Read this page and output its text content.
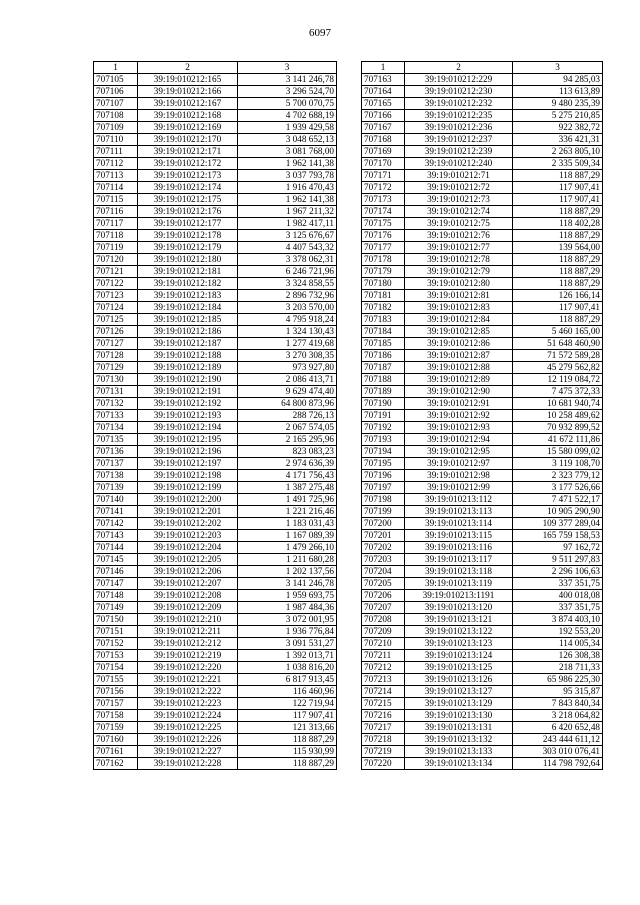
6097
1	2	3
707105	39:19:010212:165	3 141 246,78
707106	39:19:010212:166	3 296 524,70
707107	39:19:010212:167	5 700 070,75
707108	39:19:010212:168	4 702 688,19
707109	39:19:010212:169	1 939 429,58
707110	39:19:010212:170	3 048 652,13
707111	39:19:010212:171	3 081 768,00
707112	39:19:010212:172	1 962 141,38
707113	39:19:010212:173	3 037 793,78
707114	39:19:010212:174	1 916 470,43
707115	39:19:010212:175	1 962 141,38
707116	39:19:010212:176	1 967 211,32
707117	39:19:010212:177	1 982 417,11
707118	39:19:010212:178	3 125 676,67
707119	39:19:010212:179	4 407 543,32
707120	39:19:010212:180	3 378 062,31
707121	39:19:010212:181	6 246 721,96
707122	39:19:010212:182	3 324 858,55
707123	39:19:010212:183	2 896 732,96
707124	39:19:010212:184	3 203 570,00
707125	39:19:010212:185	4 795 918,24
707126	39:19:010212:186	1 324 130,43
707127	39:19:010212:187	1 277 419,68
707128	39:19:010212:188	3 270 308,35
707129	39:19:010212:189	973 927,80
707130	39:19:010212:190	2 086 413,71
707131	39:19:010212:191	9 629 474,40
707132	39:19:010212:192	64 800 873,96
707133	39:19:010212:193	288 726,13
707134	39:19:010212:194	2 067 574,05
707135	39:19:010212:195	2 165 295,96
707136	39:19:010212:196	823 083,23
707137	39:19:010212:197	2 974 636,39
707138	39:19:010212:198	4 171 756,43
707139	39:19:010212:199	1 387 275,48
707140	39:19:010212:200	1 491 725,96
707141	39:19:010212:201	1 221 216,46
707142	39:19:010212:202	1 183 031,43
707143	39:19:010212:203	1 167 089,39
707144	39:19:010212:204	1 479 266,10
707145	39:19:010212:205	1 211 680,28
707146	39:19:010212:206	1 202 137,56
707147	39:19:010212:207	3 141 246,78
707148	39:19:010212:208	1 959 693,75
707149	39:19:010212:209	1 987 484,36
707150	39:19:010212:210	3 072 001,95
707151	39:19:010212:211	1 936 776,84
707152	39:19:010212:212	3 091 531,27
707153	39:19:010212:219	1 392 013,71
707154	39:19:010212:220	1 038 816,20
707155	39:19:010212:221	6 817 913,45
707156	39:19:010212:222	116 460,96
707157	39:19:010212:223	122 719,94
707158	39:19:010212:224	117 907,41
707159	39:19:010212:225	121 313,66
707160	39:19:010212:226	118 887,29
707161	39:19:010212:227	115 930,99
707162	39:19:010212:228	118 887,29
1	2	3
707163	39:19:010212:229	94 285,03
707164	39:19:010212:230	113 613,89
707165	39:19:010212:232	9 480 235,39
707166	39:19:010212:235	5 275 210,85
707167	39:19:010212:236	922 382,72
707168	39:19:010212:237	336 421,31
707169	39:19:010212:239	2 263 805,10
707170	39:19:010212:240	2 335 509,34
707171	39:19:010212:71	118 887,29
707172	39:19:010212:72	117 907,41
707173	39:19:010212:73	117 907,41
707174	39:19:010212:74	118 887,29
707175	39:19:010212:75	118 402,28
707176	39:19:010212:76	118 887,29
707177	39:19:010212:77	139 564,00
707178	39:19:010212:78	118 887,29
707179	39:19:010212:79	118 887,29
707180	39:19:010212:80	118 887,29
707181	39:19:010212:81	126 166,14
707182	39:19:010212:83	117 907,41
707183	39:19:010212:84	118 887,29
707184	39:19:010212:85	5 460 165,00
707185	39:19:010212:86	51 648 460,90
707186	39:19:010212:87	71 572 589,28
707187	39:19:010212:88	45 279 562,82
707188	39:19:010212:89	12 119 084,72
707189	39:19:010212:90	7 475 372,33
707190	39:19:010212:91	10 681 940,74
707191	39:19:010212:92	10 258 489,62
707192	39:19:010212:93	70 932 899,52
707193	39:19:010212:94	41 672 111,86
707194	39:19:010212:95	15 580 099,02
707195	39:19:010212:97	3 119 108,70
707196	39:19:010212:98	2 323 779,12
707197	39:19:010212:99	3 177 526,66
707198	39:19:010213:112	7 471 522,17
707199	39:19:010213:113	10 905 290,90
707200	39:19:010213:114	109 377 289,04
707201	39:19:010213:115	165 759 158,53
707202	39:19:010213:116	97 162,72
707203	39:19:010213:117	9 511 297,83
707204	39:19:010213:118	2 296 106,63
707205	39:19:010213:119	337 351,75
707206	39:19:010213:1191	400 018,08
707207	39:19:010213:120	337 351,75
707208	39:19:010213:121	3 874 403,10
707209	39:19:010213:122	192 553,20
707210	39:19:010213:123	114 005,34
707211	39:19:010213:124	126 308,38
707212	39:19:010213:125	218 711,33
707213	39:19:010213:126	65 986 225,30
707214	39:19:010213:127	95 315,87
707215	39:19:010213:129	7 843 840,34
707216	39:19:010213:130	3 218 064,82
707217	39:19:010213:131	6 420 652,48
707218	39:19:010213:132	243 444 611,12
707219	39:19:010213:133	303 010 076,41
707220	39:19:010213:134	114 798 792,64
